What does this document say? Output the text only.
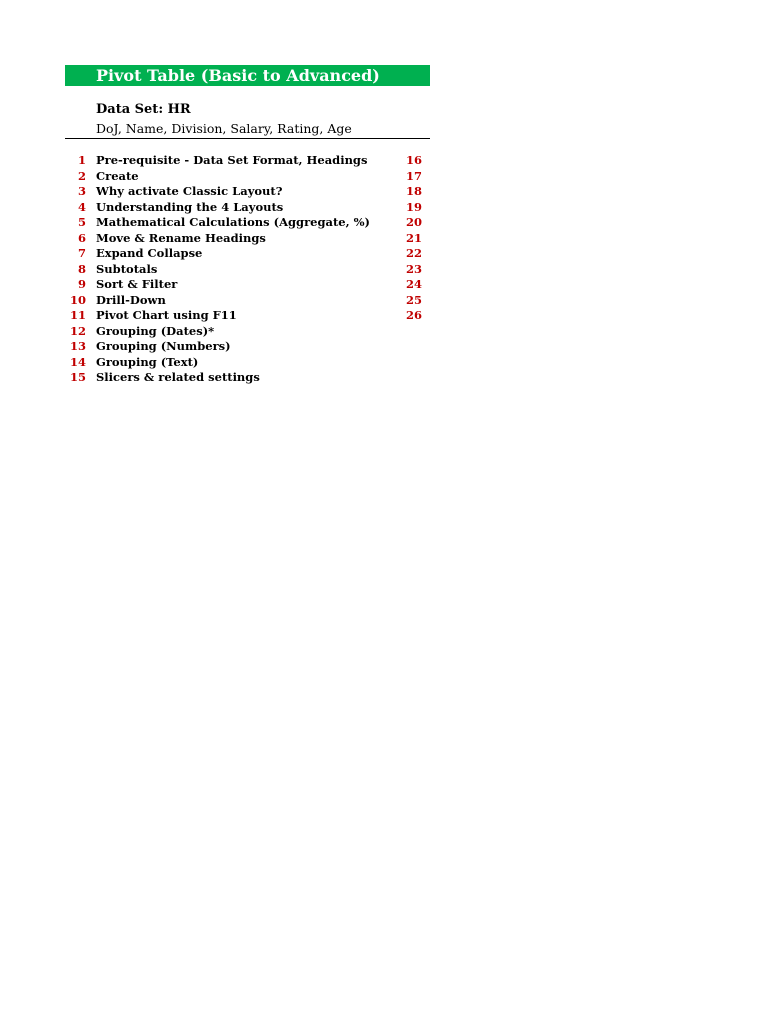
Pivot Table (Basic to Advanced)
Data Set: HR
DoJ, Name, Division, Salary, Rating, Age
1 Pre-requisite - Data Set Format, Headings	16
2 Create	17
3 Why activate Classic Layout?	18
4 Understanding the 4 Layouts	19
5 Mathematical Calculations (Aggregate, %)	20
6 Move & Rename Headings	21
7 Expand Collapse	22
8 Subtotals	23
9 Sort & Filter	24
10 Drill-Down	25
11 Pivot Chart using F11	26
12 Grouping (Dates)*
13 Grouping (Numbers)
14 Grouping (Text)
15 Slicers & related settings
